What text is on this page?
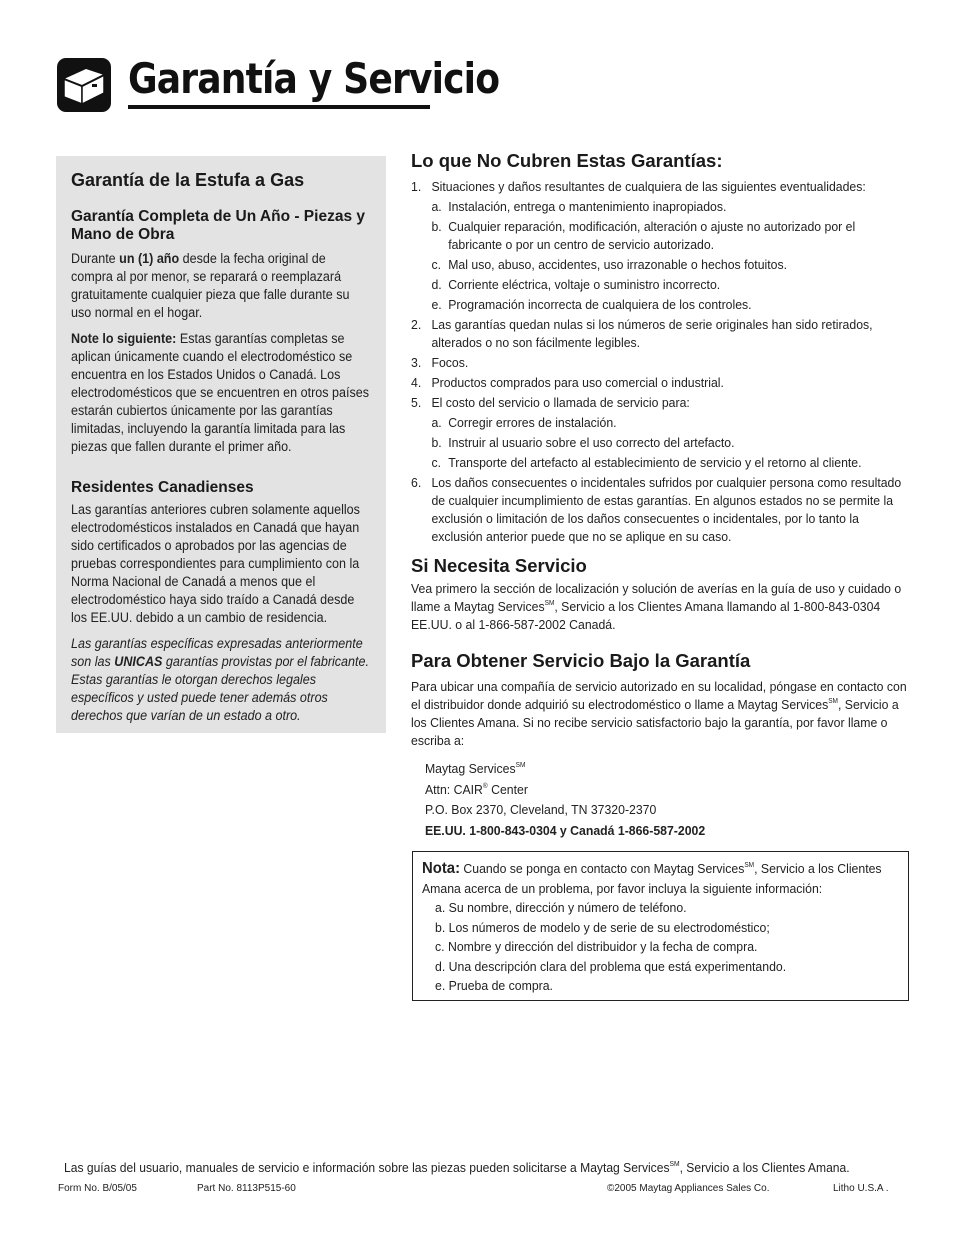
Garantía y Servicio
Garantía de la Estufa a Gas
Garantía Completa de Un Año - Piezas y Mano de Obra

Durante un (1) año desde la fecha original de compra al por menor, se reparará o reemplazará gratuitamente cualquier pieza que falle durante su uso normal en el hogar.

Note lo siguiente: Estas garantías completas se aplican únicamente cuando el electrodoméstico se encuentra en los Estados Unidos o Canadá. Los electrodomésticos que se encuentren en otros países estarán cubiertos únicamente por las garantías limitadas, incluyendo la garantía limitada para las piezas que fallen durante el primer año.

Residentes Canadienses

Las garantías anteriores cubren solamente aquellos electrodomésticos instalados en Canadá que hayan sido certificados o aprobados por las agencias de pruebas correspondientes para cumplimiento con la Norma Nacional de Canadá a menos que el electrodoméstico haya sido traído a Canadá desde los EE.UU. debido a un cambio de residencia.

Las garantías específicas expresadas anteriormente son las UNICAS garantías provistas por el fabricante. Estas garantías le otorgan derechos legales específicos y usted puede tener además otros derechos que varían de un estado a otro.

Lo que No Cubren Estas Garantías:
1. Situaciones y daños resultantes de cualquiera de las siguientes eventualidades:
a. Instalación, entrega o mantenimiento inapropiados.
b. Cualquier reparación, modificación, alteración o ajuste no autorizado por el fabricante o por un centro de servicio autorizado.
c. Mal uso, abuso, accidentes, uso irrazonable o hechos fotuitos.
d. Corriente eléctrica, voltaje o suministro incorrecto.
e. Programación incorrecta de cualquiera de los controles.
2. Las garantías quedan nulas si los números de serie originales han sido retirados, alterados o no son fácilmente legibles.
3. Focos.
4. Productos comprados para uso comercial o industrial.
5. El costo del servicio o llamada de servicio para:
a. Corregir errores de instalación.
b. Instruir al usuario sobre el uso correcto del artefacto.
c. Transporte del artefacto al establecimiento de servicio y el retorno al cliente.
6. Los daños consecuentes o incidentales sufridos por cualquier persona como resultado de cualquier incumplimiento de estas garantías. En algunos estados no se permite la exclusión o limitación de los daños consecuentes o incidentales, por lo tanto la exclusión anterior puede que no se aplique en su caso.
Si Necesita Servicio

Vea primero la sección de localización y solución de averías en la guía de uso y cuidado o llame a Maytag Services℠, Servicio a los Clientes Amana llamando al 1-800-843-0304 EE.UU. o al 1-866-587-2002 Canadá.

Para Obtener Servicio Bajo la Garantía

Para ubicar una compañía de servicio autorizado en su localidad, póngase en contacto con el distribuidor donde adquirió su electrodoméstico o llame a Maytag Services℠, Servicio a los Clientes Amana. Si no recibe servicio satisfactorio bajo la garantía, por favor llame o escriba a:

Maytag Services℠
Attn: CAIR® Center
P.O. Box 2370, Cleveland, TN 37320-2370
EE.UU. 1-800-843-0304 y Canadá 1-866-587-2002
Nota: Cuando se ponga en contacto con Maytag Services℠, Servicio a los Clientes Amana acerca de un problema, por favor incluya la siguiente información:
a. Su nombre, dirección y número de teléfono.
b. Los números de modelo y de serie de su electrodoméstico;
c. Nombre y dirección del distribuidor y la fecha de compra.
d. Una descripción clara del problema que está experimentando.
e. Prueba de compra.
Las guías del usuario, manuales de servicio e información sobre las piezas pueden solicitarse a Maytag Services℠, Servicio a los Clientes Amana.
Form No. B/05/05	Part No. 8113P515-60	©2005 Maytag Appliances Sales Co.	Litho U.S.A .
